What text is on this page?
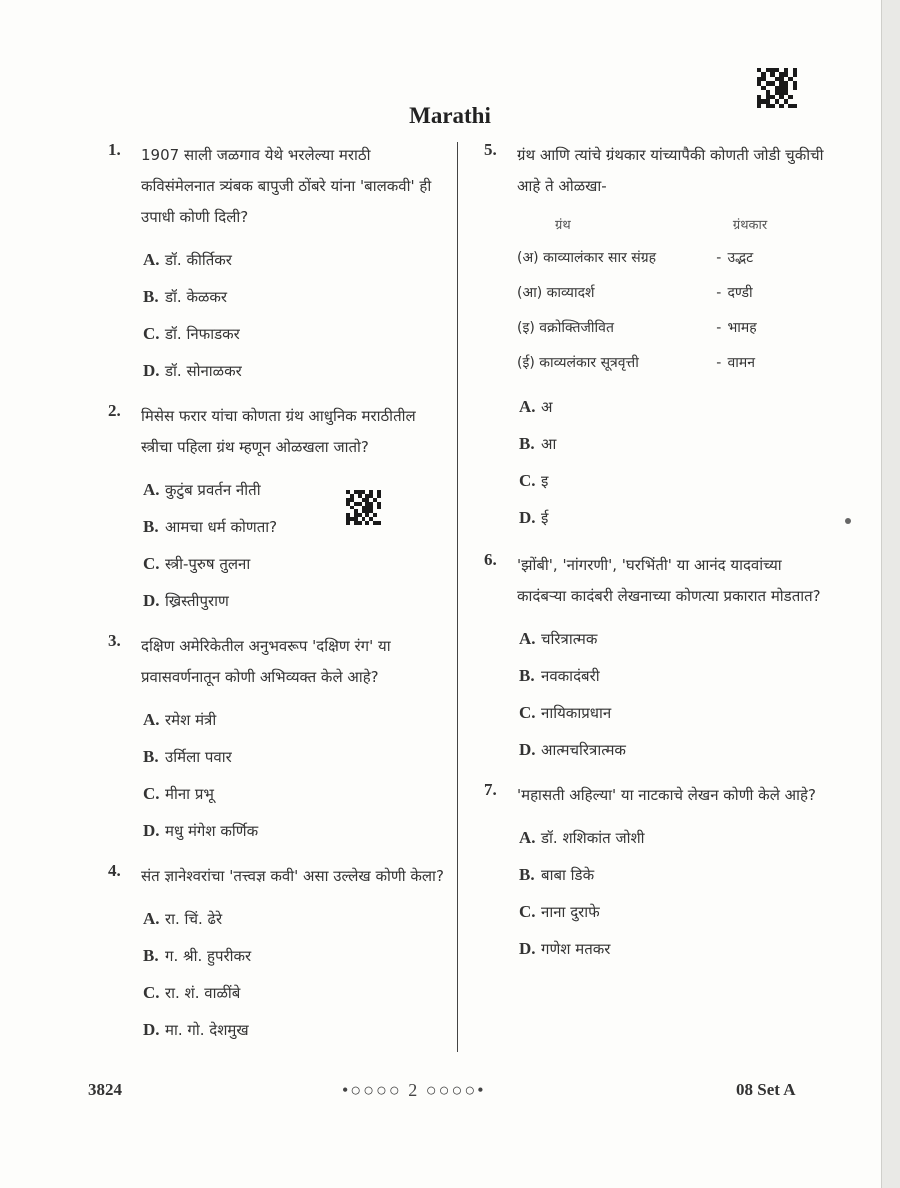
Marathi
1. 1907 साली जळगाव येथे भरलेल्या मराठी कविसंमेलनात त्र्यंबक बापुजी ठोंबरे यांना 'बालकवी' ही उपाधी कोणी दिली?
A. डॉ. कीर्तिकर
B. डॉ. केळकर
C. डॉ. निफाडकर
D. डॉ. सोनाळकर
2. मिसेस फरार यांचा कोणता ग्रंथ आधुनिक मराठीतील स्त्रीचा पहिला ग्रंथ म्हणून ओळखला जातो?
A. कुटुंब प्रवर्तन नीती
B. आमचा धर्म कोणता?
C. स्त्री-पुरुष तुलना
D. ख्रिस्तीपुराण
3. दक्षिण अमेरिकेतील अनुभवरूप 'दक्षिण रंग' या प्रवासवर्णनातून कोणी अभिव्यक्त केले आहे?
A. रमेश मंत्री
B. उर्मिला पवार
C. मीना प्रभू
D. मधु मंगेश कर्णिक
4. संत ज्ञानेश्वरांचा 'तत्त्वज्ञ कवी' असा उल्लेख कोणी केला?
A. रा. चिं. ढेरे
B. ग. श्री. हुपरीकर
C. रा. शं. वाळींबे
D. मा. गो. देशमुख
5. ग्रंथ आणि त्यांचे ग्रंथकार यांच्यापैकी कोणती जोडी चुकीची आहे ते ओळखा-
ग्रंथ	ग्रंथकार
(अ) काव्यालंकार सार संग्रह	- उद्भट
(आ) काव्यादर्श	- दण्डी
(इ) वक्रोक्तिजीवित	- भामह
(ई) काव्यलंकार सूत्रवृत्ती	- वामन
A. अ
B. आ
C. इ
D. ई
6. 'झोंबी', 'नांगरणी', 'घरभिंती' या आनंद यादवांच्या कादंबऱ्या कादंबरी लेखनाच्या कोणत्या प्रकारात मोडतात?
A. चरित्रात्मक
B. नवकादंबरी
C. नायिकाप्रधान
D. आत्मचरित्रात्मक
7. 'महासती अहिल्या' या नाटकाचे लेखन कोणी केले आहे?
A. डॉ. शशिकांत जोशी
B. बाबा डिके
C. नाना दुराफे
D. गणेश मतकर
3824	•○○○○ 2 ○○○○•	08 Set A
